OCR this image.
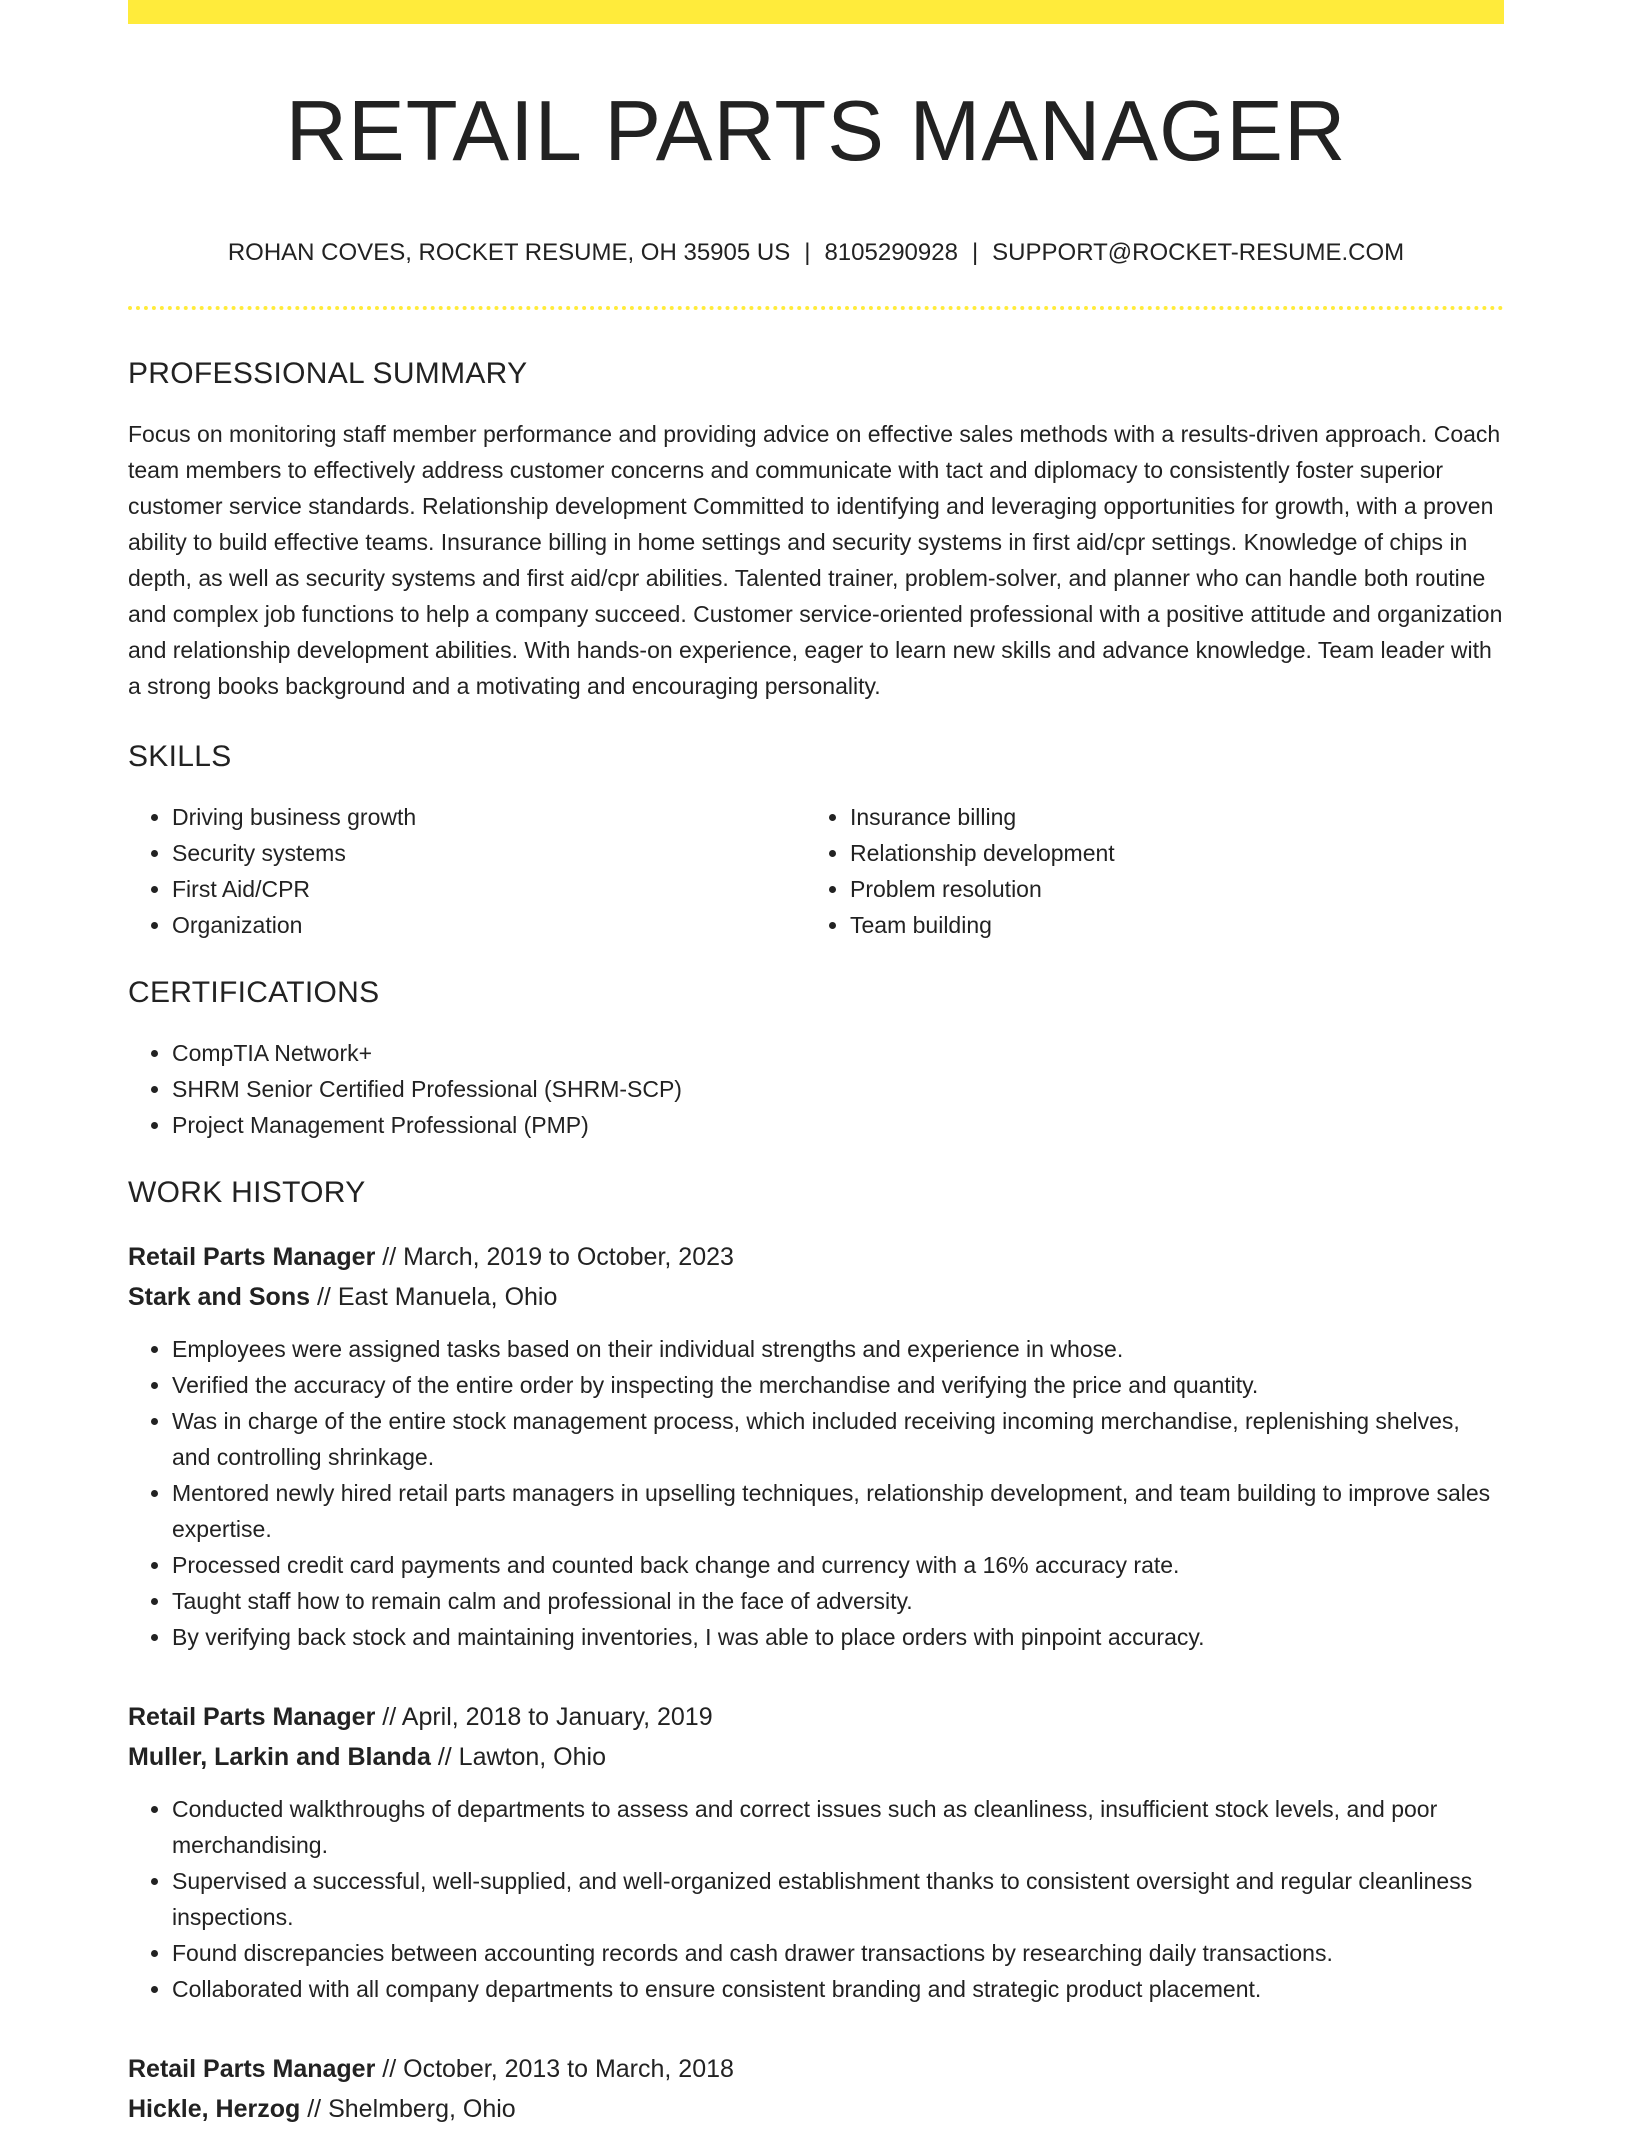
RETAIL PARTS MANAGER
ROHAN COVES, ROCKET RESUME, OH 35905 US | 8105290928 | SUPPORT@ROCKET-RESUME.COM
PROFESSIONAL SUMMARY

Focus on monitoring staff member performance and providing advice on effective sales methods with a results-driven approach. Coach team members to effectively address customer concerns and communicate with tact and diplomacy to consistently foster superior customer service standards. Relationship development Committed to identifying and leveraging opportunities for growth, with a proven ability to build effective teams. Insurance billing in home settings and security systems in first aid/cpr settings. Knowledge of chips in depth, as well as security systems and first aid/cpr abilities. Talented trainer, problem-solver, and planner who can handle both routine and complex job functions to help a company succeed. Customer service-oriented professional with a positive attitude and organization and relationship development abilities. With hands-on experience, eager to learn new skills and advance knowledge. Team leader with a strong books background and a motivating and encouraging personality.

SKILLS
• Driving business growth
• Security systems
• First Aid/CPR
• Organization
• Insurance billing
• Relationship development
• Problem resolution
• Team building
CERTIFICATIONS
• CompTIA Network+
• SHRM Senior Certified Professional (SHRM-SCP)
• Project Management Professional (PMP)
WORK HISTORY
Retail Parts Manager // March, 2019 to October, 2023
Stark and Sons // East Manuela, Ohio
• Employees were assigned tasks based on their individual strengths and experience in whose.
• Verified the accuracy of the entire order by inspecting the merchandise and verifying the price and quantity.
• Was in charge of the entire stock management process, which included receiving incoming merchandise, replenishing shelves, and controlling shrinkage.
• Mentored newly hired retail parts managers in upselling techniques, relationship development, and team building to improve sales expertise.
• Processed credit card payments and counted back change and currency with a 16% accuracy rate.
• Taught staff how to remain calm and professional in the face of adversity.
• By verifying back stock and maintaining inventories, I was able to place orders with pinpoint accuracy.
Retail Parts Manager // April, 2018 to January, 2019
Muller, Larkin and Blanda // Lawton, Ohio
• Conducted walkthroughs of departments to assess and correct issues such as cleanliness, insufficient stock levels, and poor merchandising.
• Supervised a successful, well-supplied, and well-organized establishment thanks to consistent oversight and regular cleanliness inspections.
• Found discrepancies between accounting records and cash drawer transactions by researching daily transactions.
• Collaborated with all company departments to ensure consistent branding and strategic product placement.
Retail Parts Manager // October, 2013 to March, 2018
Hickle, Herzog // Shelmberg, Ohio
